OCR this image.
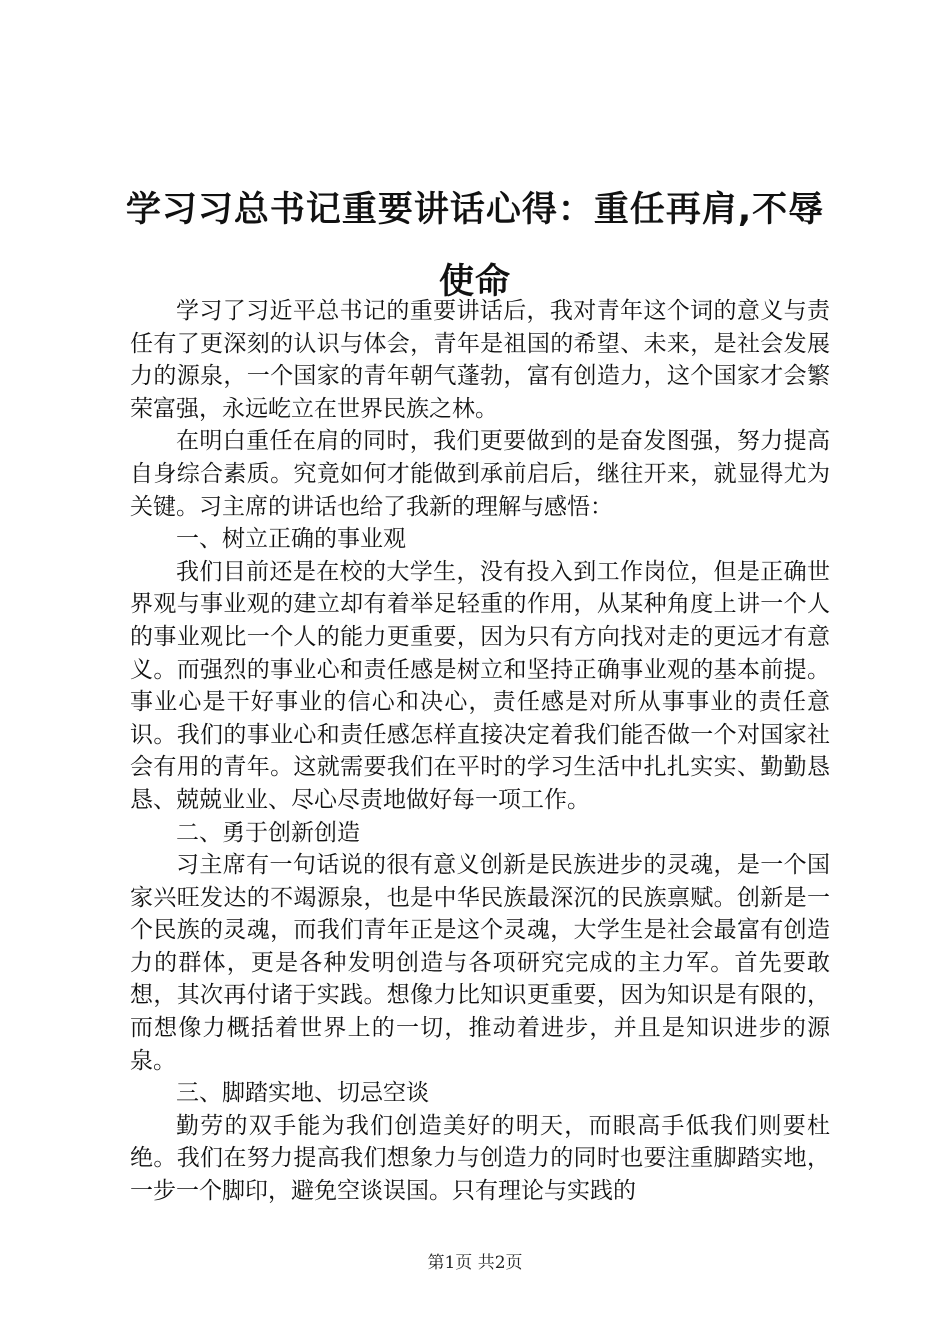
学习习总书记重要讲话心得：重任再肩,不辱使命

学习了习近平总书记的重要讲话后，我对青年这个词的意义与责任有了更深刻的认识与体会，青年是祖国的希望、未来，是社会发展力的源泉，一个国家的青年朝气蓬勃，富有创造力，这个国家才会繁荣富强，永远屹立在世界民族之林。

在明白重任在肩的同时，我们更要做到的是奋发图强，努力提高自身综合素质。究竟如何才能做到承前启后，继往开来，就显得尤为关键。习主席的讲话也给了我新的理解与感悟：

一、树立正确的事业观

我们目前还是在校的大学生，没有投入到工作岗位，但是正确世界观与事业观的建立却有着举足轻重的作用，从某种角度上讲一个人的事业观比一个人的能力更重要，因为只有方向找对走的更远才有意义。而强烈的事业心和责任感是树立和坚持正确事业观的基本前提。事业心是干好事业的信心和决心，责任感是对所从事事业的责任意识。我们的事业心和责任感怎样直接决定着我们能否做一个对国家社会有用的青年。这就需要我们在平时的学习生活中扎扎实实、勤勤恳恳、兢兢业业、尽心尽责地做好每一项工作。

二、勇于创新创造

习主席有一句话说的很有意义创新是民族进步的灵魂，是一个国家兴旺发达的不竭源泉，也是中华民族最深沉的民族禀赋。创新是一个民族的灵魂，而我们青年正是这个灵魂，大学生是社会最富有创造力的群体，更是各种发明创造与各项研究完成的主力军。首先要敢想，其次再付诸于实践。想像力比知识更重要，因为知识是有限的，而想像力概括着世界上的一切，推动着进步，并且是知识进步的源泉。

三、脚踏实地、切忌空谈

勤劳的双手能为我们创造美好的明天，而眼高手低我们则要杜绝。我们在努力提高我们想象力与创造力的同时也要注重脚踏实地，一步一个脚印，避免空谈误国。只有理论与实践的

第1页 共2页
